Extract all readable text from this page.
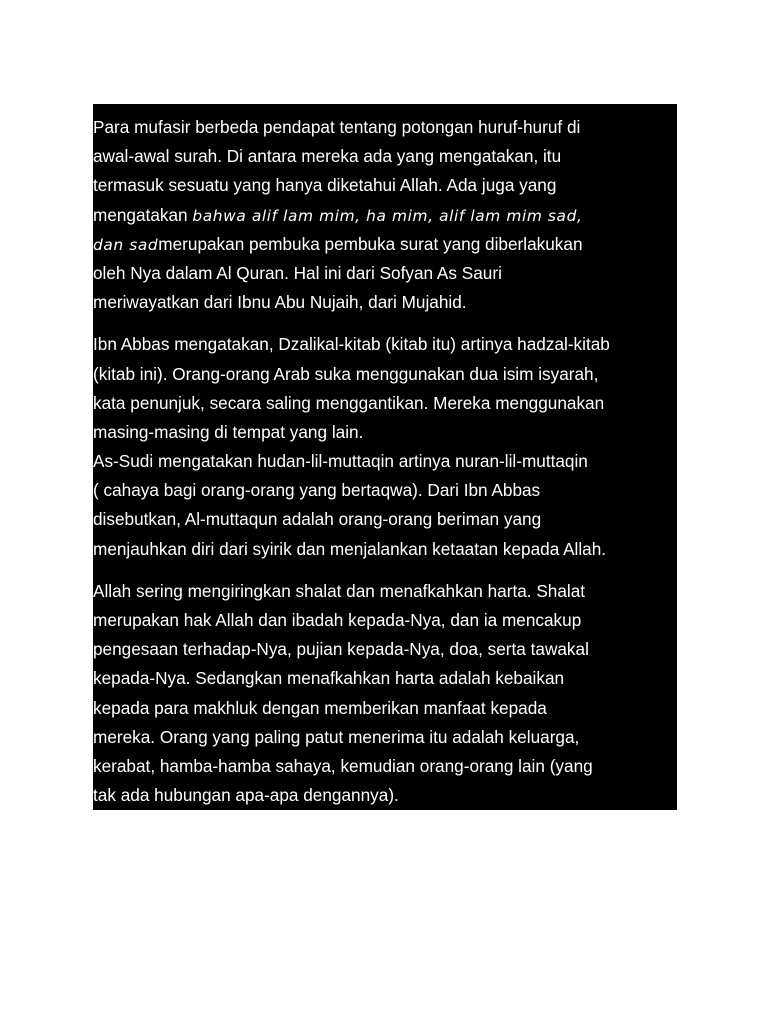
Para mufasir berbeda pendapat tentang potongan huruf-huruf di
awal-awal surah. Di antara mereka ada yang mengatakan, itu
termasuk sesuatu yang hanya diketahui Allah. Ada juga yang
mengatakan bahwa alif lam mim, ha mim, alif lam mim sad,
dan sadmerupakan pembuka pembuka surat yang diberlakukan
oleh Nya dalam Al Quran. Hal ini dari Sofyan As Sauri
meriwayatkan dari Ibnu Abu Nujaih, dari Mujahid.
Ibn Abbas mengatakan, Dzalikal-kitab (kitab itu) artinya hadzal-kitab
(kitab ini). Orang-orang Arab suka menggunakan dua isim isyarah,
kata penunjuk, secara saling menggantikan. Mereka menggunakan
masing-masing di tempat yang lain.
As-Sudi mengatakan hudan-lil-muttaqin artinya nuran-lil-muttaqin
( cahaya bagi orang-orang yang bertaqwa). Dari Ibn Abbas
disebutkan, Al-muttaqun adalah orang-orang beriman yang
menjauhkan diri dari syirik dan menjalankan ketaatan kepada Allah.
Allah sering mengiringkan shalat dan menafkahkan harta. Shalat
merupakan hak Allah dan ibadah kepada-Nya, dan ia mencakup
pengesaan terhadap-Nya, pujian kepada-Nya, doa, serta tawakal
kepada-Nya. Sedangkan menafkahkan harta adalah kebaikan
kepada para makhluk dengan memberikan manfaat kepada
mereka. Orang yang paling patut menerima itu adalah keluarga,
kerabat, hamba-hamba sahaya, kemudian orang-orang lain (yang
tak ada hubungan apa-apa dengannya).
